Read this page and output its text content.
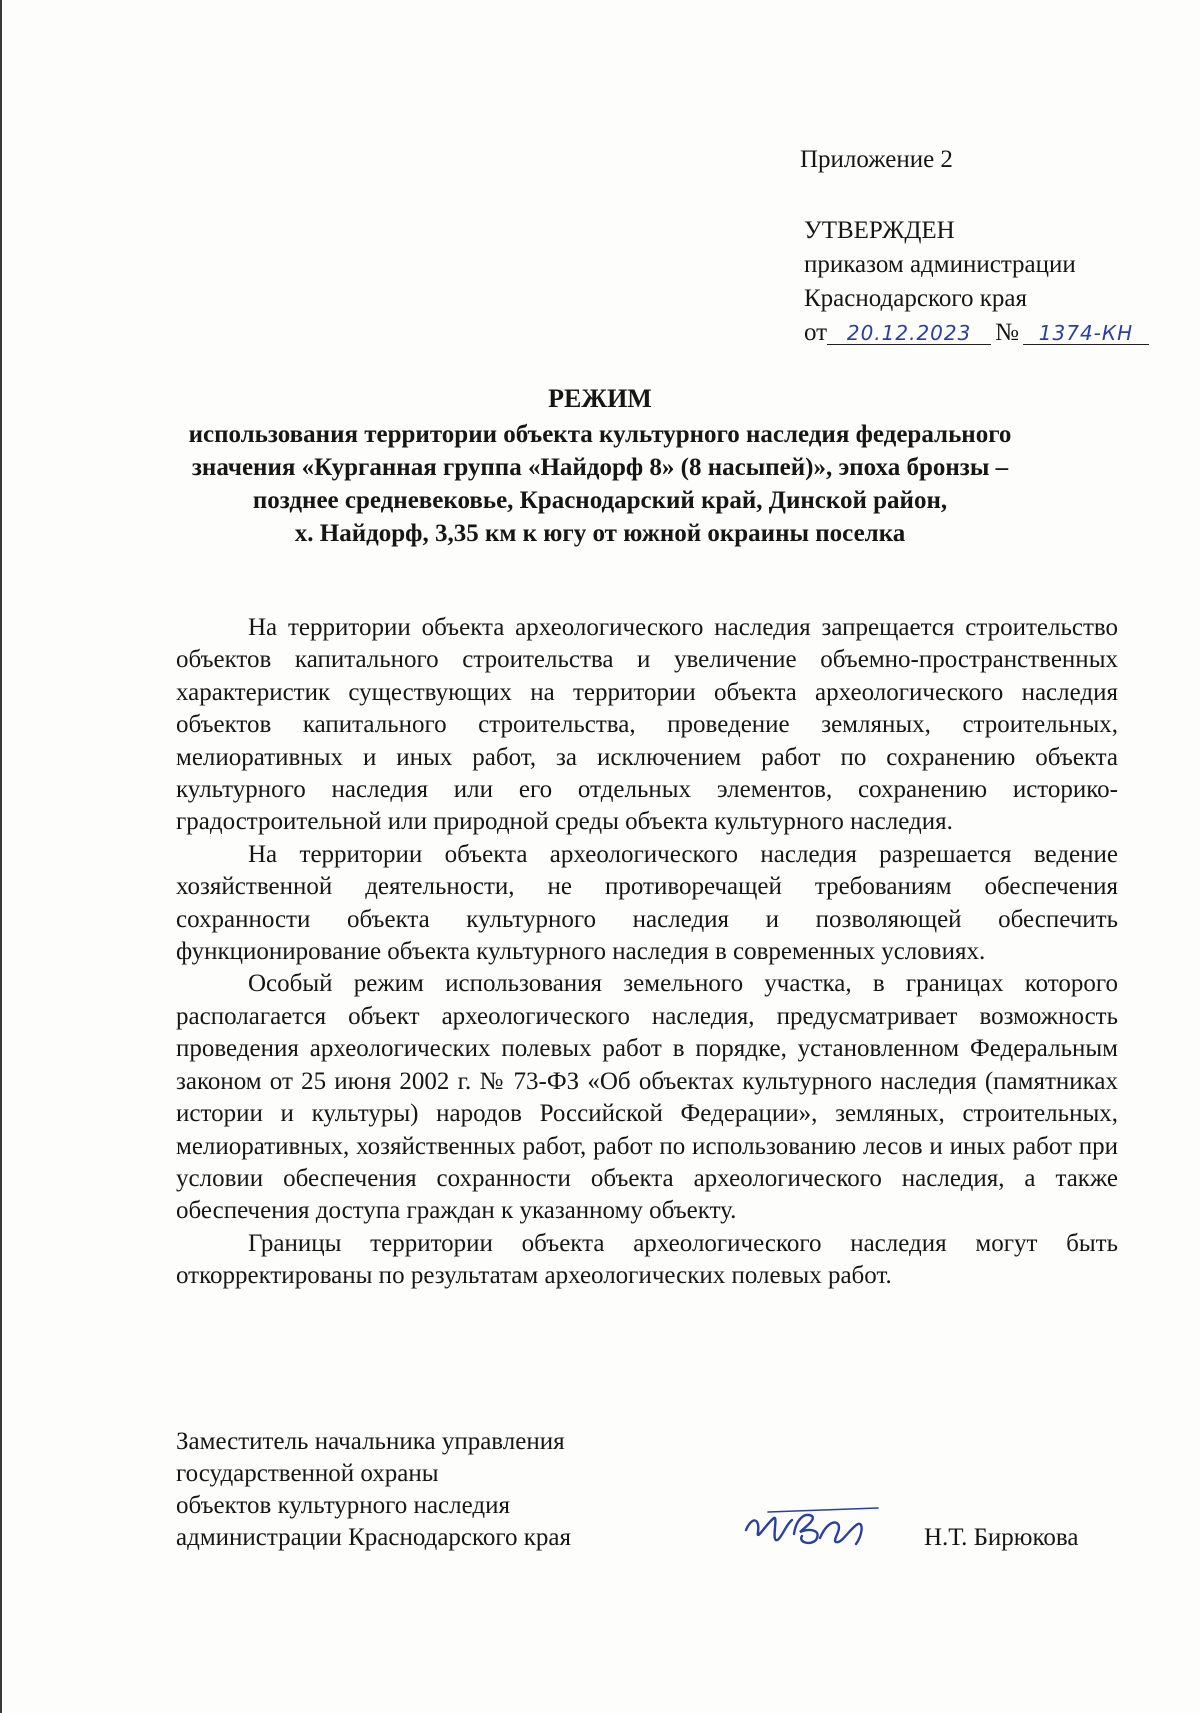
Приложение 2
УТВЕРЖДЕН
приказом администрации
Краснодарского края
от 20.12.2023 № 1374-КН
РЕЖИМ
использования территории объекта культурного наследия федерального
значения «Курганная группа «Найдорф 8» (8 насыпей)», эпоха бронзы –
позднее средневековье, Краснодарский край, Динской район,
х. Найдорф, 3,35 км к югу от южной окраины поселка

На территории объекта археологического наследия запрещается строительство объектов капитального строительства и увеличение объемно-пространственных характеристик существующих на территории объекта археологического наследия объектов капитального строительства, проведение земляных, строительных, мелиоративных и иных работ, за исключением работ по сохранению объекта культурного наследия или его отдельных элементов, сохранению историко-градостроительной или природной среды объекта культурного наследия.

На территории объекта археологического наследия разрешается ведение хозяйственной деятельности, не противоречащей требованиям обеспечения сохранности объекта культурного наследия и позволяющей обеспечить функционирование объекта культурного наследия в современных условиях.

Особый режим использования земельного участка, в границах которого располагается объект археологического наследия, предусматривает возможность проведения археологических полевых работ в порядке, установленном Федеральным законом от 25 июня 2002 г. № 73-ФЗ «Об объектах культурного наследия (памятниках истории и культуры) народов Российской Федерации», земляных, строительных, мелиоративных, хозяйственных работ, работ по использованию лесов и иных работ при условии обеспечения сохранности объекта археологического наследия, а также обеспечения доступа граждан к указанному объекту.

Границы территории объекта археологического наследия могут быть откорректированы по результатам археологических полевых работ.

Заместитель начальника управления
государственной охраны
объектов культурного наследия
администрации Краснодарского края	Н.Т. Бирюкова
